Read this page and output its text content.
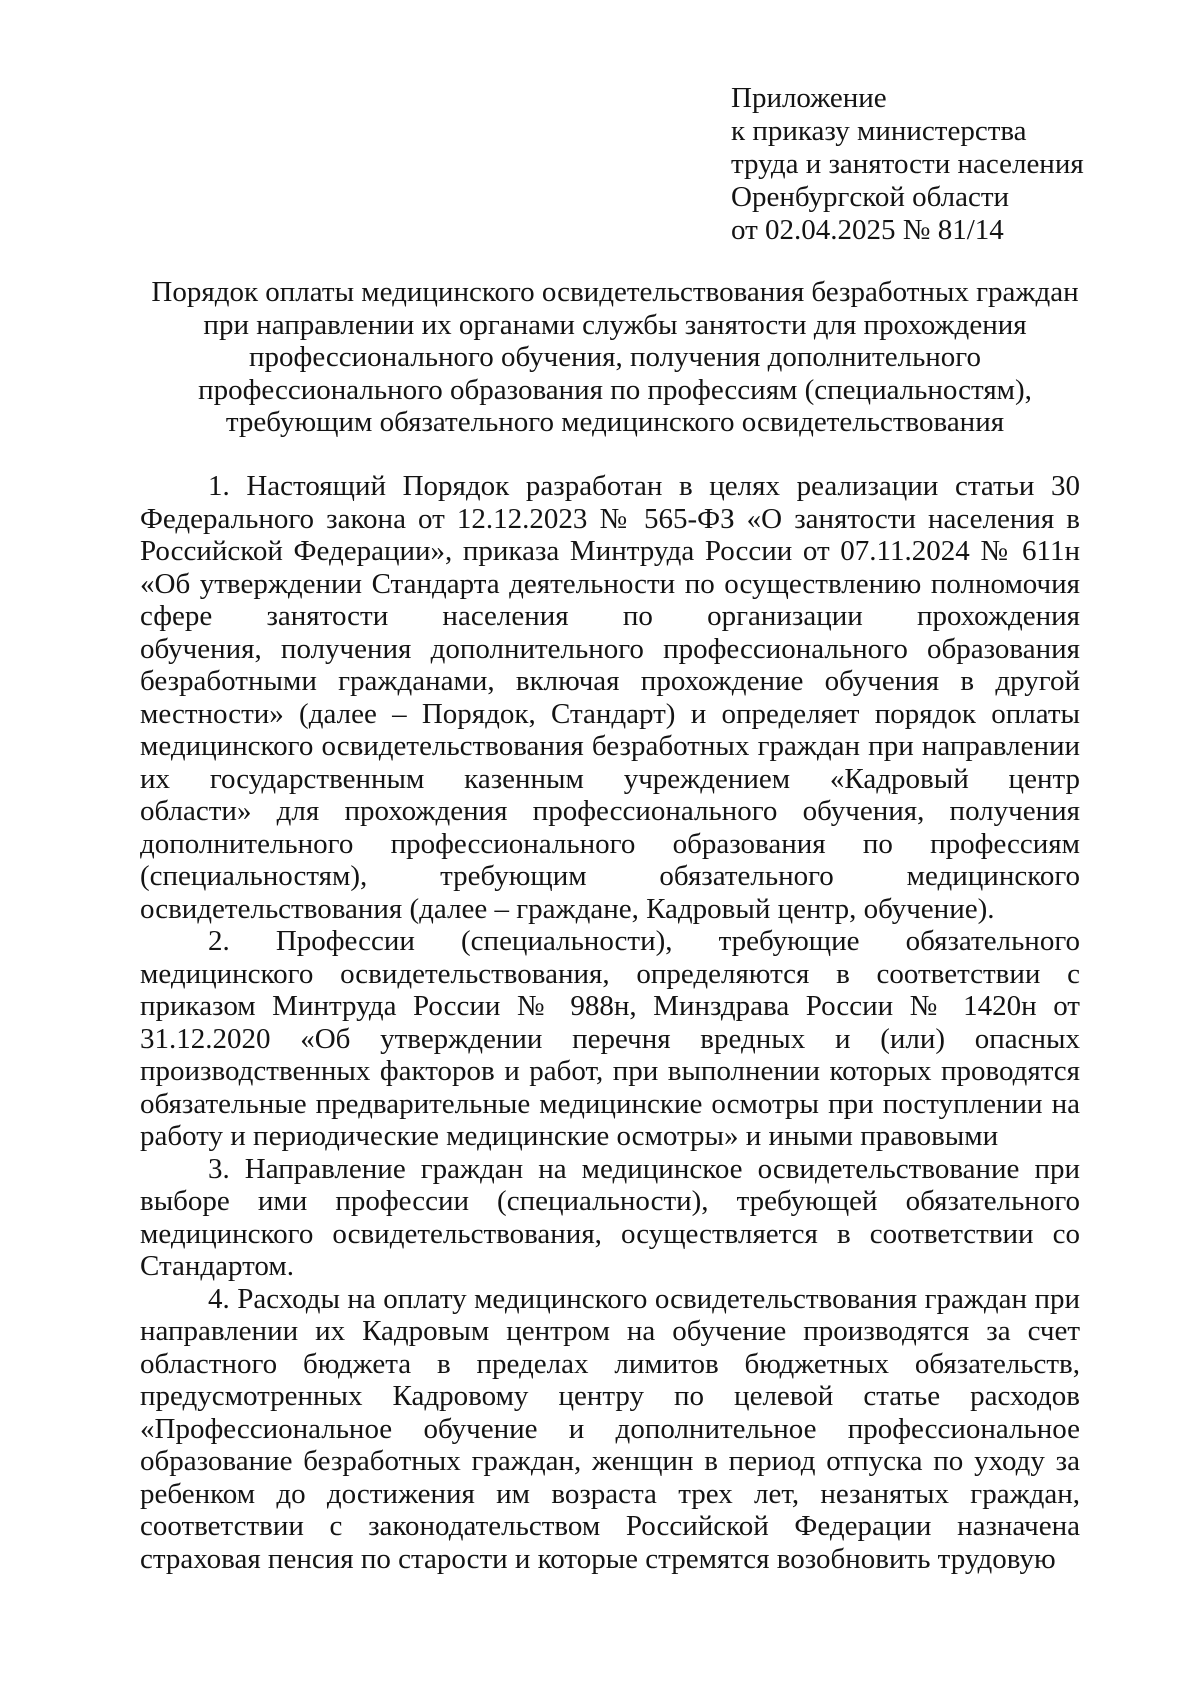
Приложение
к приказу министерства
труда и занятости населения
Оренбургской области
от 02.04.2025 № 81/14
Порядок оплаты медицинского освидетельствования безработных граждан
при направлении их органами службы занятости для прохождения
профессионального обучения, получения дополнительного
профессионального образования по профессиям (специальностям),
требующим обязательного медицинского освидетельствования
1. Настоящий Порядок разработан в целях реализации статьи 30
Федерального закона от 12.12.2023 № 565-ФЗ «О занятости населения в
Российской Федерации», приказа Минтруда России от 07.11.2024 № 611н
«Об утверждении Стандарта деятельности по осуществлению полномочия
сфере занятости населения по организации прохождения
обучения, получения дополнительного профессионального образования
безработными гражданами, включая прохождение обучения в другой
местности» (далее – Порядок, Стандарт) и определяет порядок оплаты
медицинского освидетельствования безработных граждан при направлении
их государственным казенным учреждением «Кадровый центр
области» для прохождения профессионального обучения, получения
дополнительного профессионального образования по профессиям
(специальностям), требующим обязательного медицинского
освидетельствования (далее – граждане, Кадровый центр, обучение).
2. Профессии (специальности), требующие обязательного
медицинского освидетельствования, определяются в соответствии с
приказом Минтруда России № 988н, Минздрава России № 1420н от
31.12.2020 «Об утверждении перечня вредных и (или) опасных
производственных факторов и работ, при выполнении которых проводятся
обязательные предварительные медицинские осмотры при поступлении на
работу и периодические медицинские осмотры» и иными правовыми
3. Направление граждан на медицинское освидетельствование при
выборе ими профессии (специальности), требующей обязательного
медицинского освидетельствования, осуществляется в соответствии со
Стандартом.
4. Расходы на оплату медицинского освидетельствования граждан при
направлении их Кадровым центром на обучение производятся за счет
областного бюджета в пределах лимитов бюджетных обязательств,
предусмотренных Кадровому центру по целевой статье расходов
«Профессиональное обучение и дополнительное профессиональное
образование безработных граждан, женщин в период отпуска по уходу за
ребенком до достижения им возраста трех лет, незанятых граждан,
соответствии с законодательством Российской Федерации назначена
страховая пенсия по старости и которые стремятся возобновить трудовую
